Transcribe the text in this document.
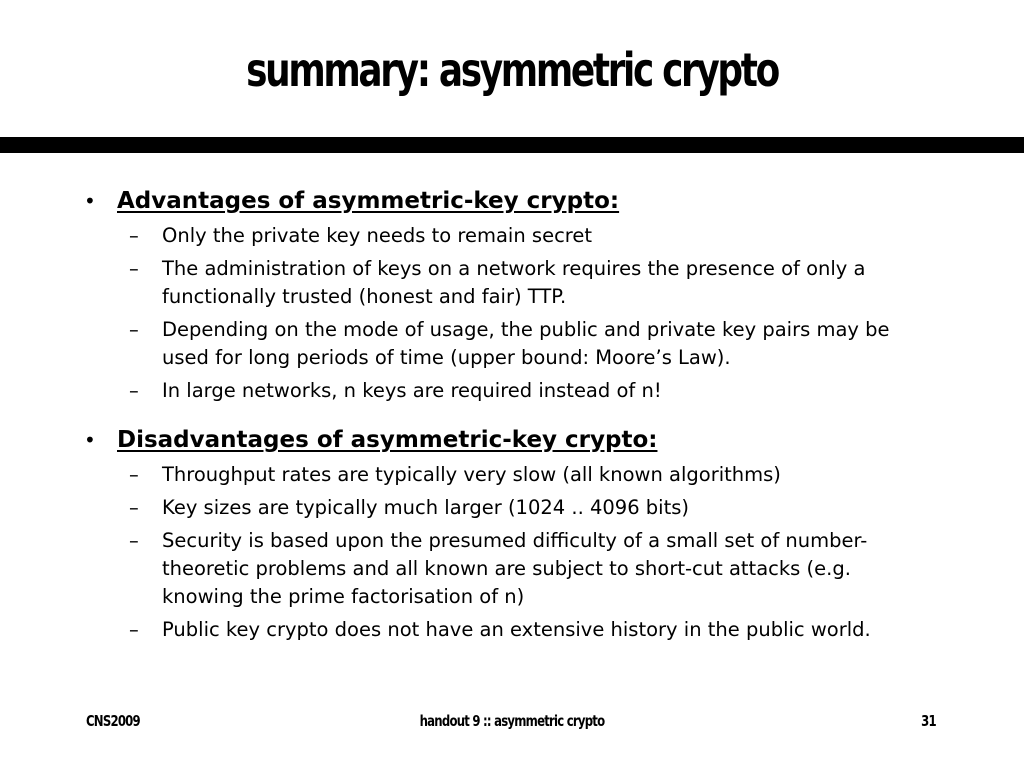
summary: asymmetric crypto
• Advantages of asymmetric-key crypto:
– Only the private key needs to remain secret
– The administration of keys on a network requires the presence of only a functionally trusted (honest and fair) TTP.
– Depending on the mode of usage, the public and private key pairs may be used for long periods of time (upper bound: Moore’s Law).
– In large networks, n keys are required instead of n!
• Disadvantages of asymmetric-key crypto:
– Throughput rates are typically very slow (all known algorithms)
– Key sizes are typically much larger (1024 .. 4096 bits)
– Security is based upon the presumed difficulty of a small set of number-theoretic problems and all known are subject to short-cut attacks (e.g. knowing the prime factorisation of n)
– Public key crypto does not have an extensive history in the public world.
CNS2009	handout 9 :: asymmetric crypto	31
